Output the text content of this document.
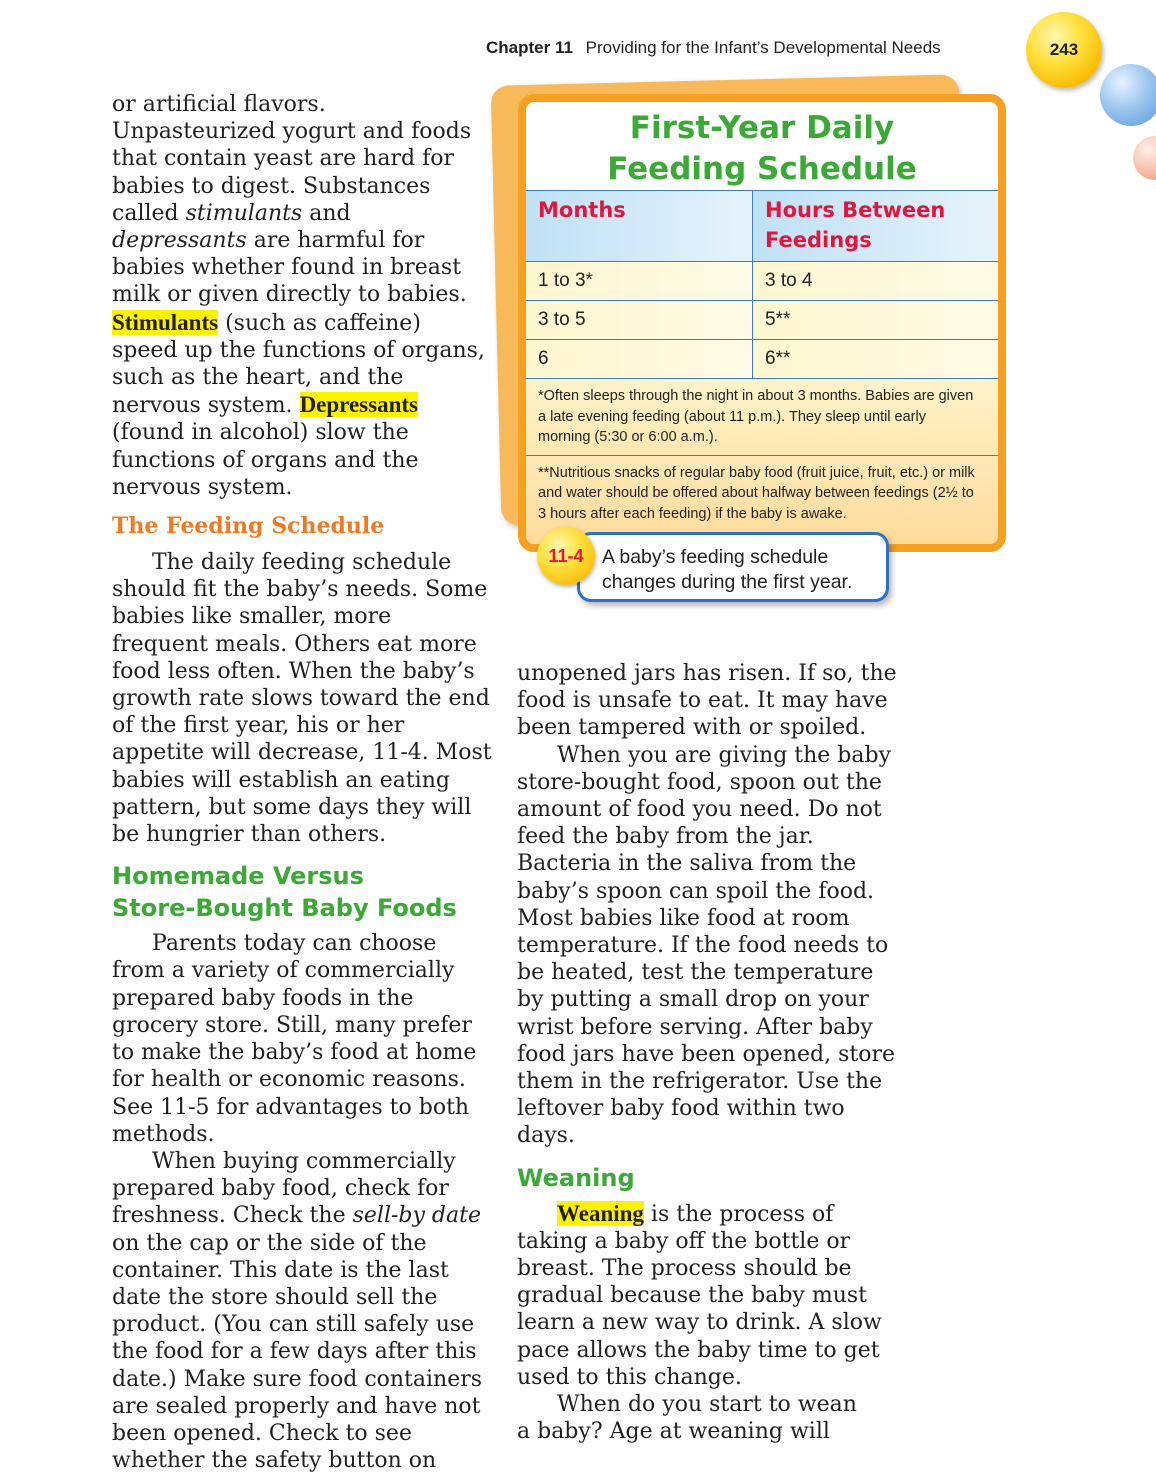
Chapter 11 Providing for the Infant’s Developmental Needs	243

or artificial flavors. Unpasteurized yogurt and foods that contain yeast are hard for babies to digest. Substances called stimulants and depressants are harmful for babies whether found in breast milk or given directly to babies. Stimulants (such as caffeine) speed up the functions of organs, such as the heart, and the nervous system. Depressants (found in alcohol) slow the functions of organs and the nervous system.

The Feeding Schedule

The daily feeding schedule should fit the baby’s needs. Some babies like smaller, more frequent meals. Others eat more food less often. When the baby’s growth rate slows toward the end of the first year, his or her appetite will decrease, 11-4. Most babies will establish an eating pattern, but some days they will be hungrier than others.

Homemade Versus
Store-Bought Baby Foods

Parents today can choose from a variety of commercially prepared baby foods in the grocery store. Still, many prefer to make the baby’s food at home for health or economic reasons. See 11-5 for advantages to both methods.

When buying commercially prepared baby food, check for freshness. Check the sell-by date on the cap or the side of the container. This date is the last date the store should sell the product. (You can still safely use the food for a few days after this date.) Make sure food containers are sealed properly and have not been opened. Check to see whether the safety button on

First-Year Daily
Feeding Schedule
Months	Hours Between
Feedings

1 to 3*	3 to 4
3 to 5	5**
6	6**
*Often sleeps through the night in about 3 months. Babies are given a late evening feeding (about 11 p.m.). They sleep until early morning (5:30 or 6:00 a.m.).
**Nutritious snacks of regular baby food (fruit juice, fruit, etc.) or milk and water should be offered about halfway between feedings (2½ to 3 hours after each feeding) if the baby is awake.
A baby’s feeding schedule
changes during the first year.
11-4

unopened jars has risen. If so, the food is unsafe to eat. It may have been tampered with or spoiled.

When you are giving the baby store-bought food, spoon out the amount of food you need. Do not feed the baby from the jar. Bacteria in the saliva from the baby’s spoon can spoil the food. Most babies like food at room temperature. If the food needs to be heated, test the temperature by putting a small drop on your wrist before serving. After baby food jars have been opened, store them in the refrigerator. Use the leftover baby food within two days.

Weaning

Weaning is the process of taking a baby off the bottle or breast. The process should be gradual because the baby must learn a new way to drink. A slow pace allows the baby time to get used to this change.

When do you start to wean
a baby? Age at weaning will
